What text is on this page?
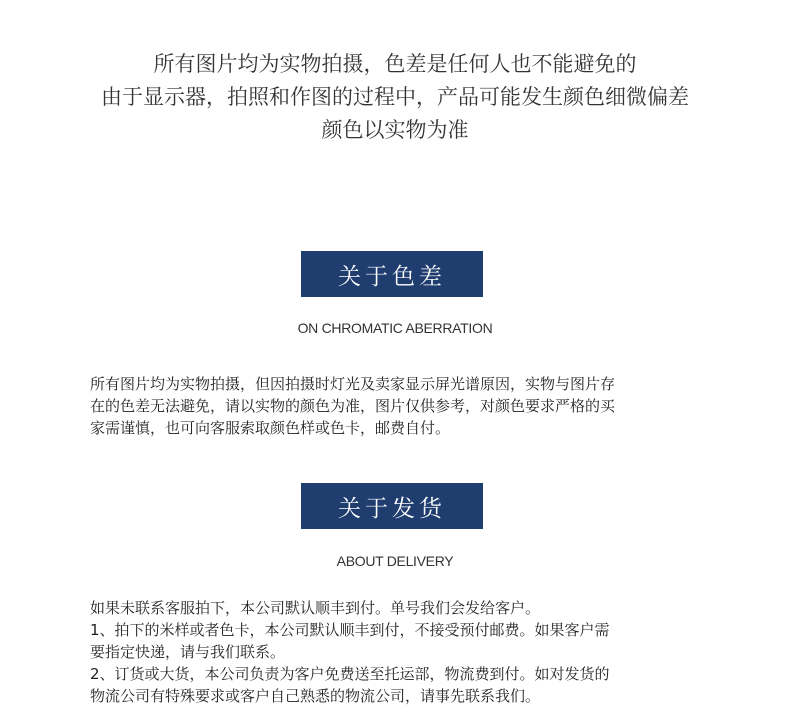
所有图片均为实物拍摄，色差是任何人也不能避免的
由于显示器，拍照和作图的过程中，产品可能发生颜色细微偏差
颜色以实物为准
关于色差
ON CHROMATIC ABERRATION
所有图片均为实物拍摄，但因拍摄时灯光及卖家显示屏光谱原因，实物与图片存
在的色差无法避免，请以实物的颜色为准，图片仅供参考，对颜色要求严格的买
家需谨慎，也可向客服索取颜色样或色卡，邮费自付。
关于发货
ABOUT DELIVERY
如果未联系客服拍下，本公司默认顺丰到付。单号我们会发给客户。
1、拍下的米样或者色卡，本公司默认顺丰到付，不接受预付邮费。如果客户需
要指定快递，请与我们联系。
2、订货或大货，本公司负责为客户免费送至托运部，物流费到付。如对发货的
物流公司有特殊要求或客户自己熟悉的物流公司，请事先联系我们。
